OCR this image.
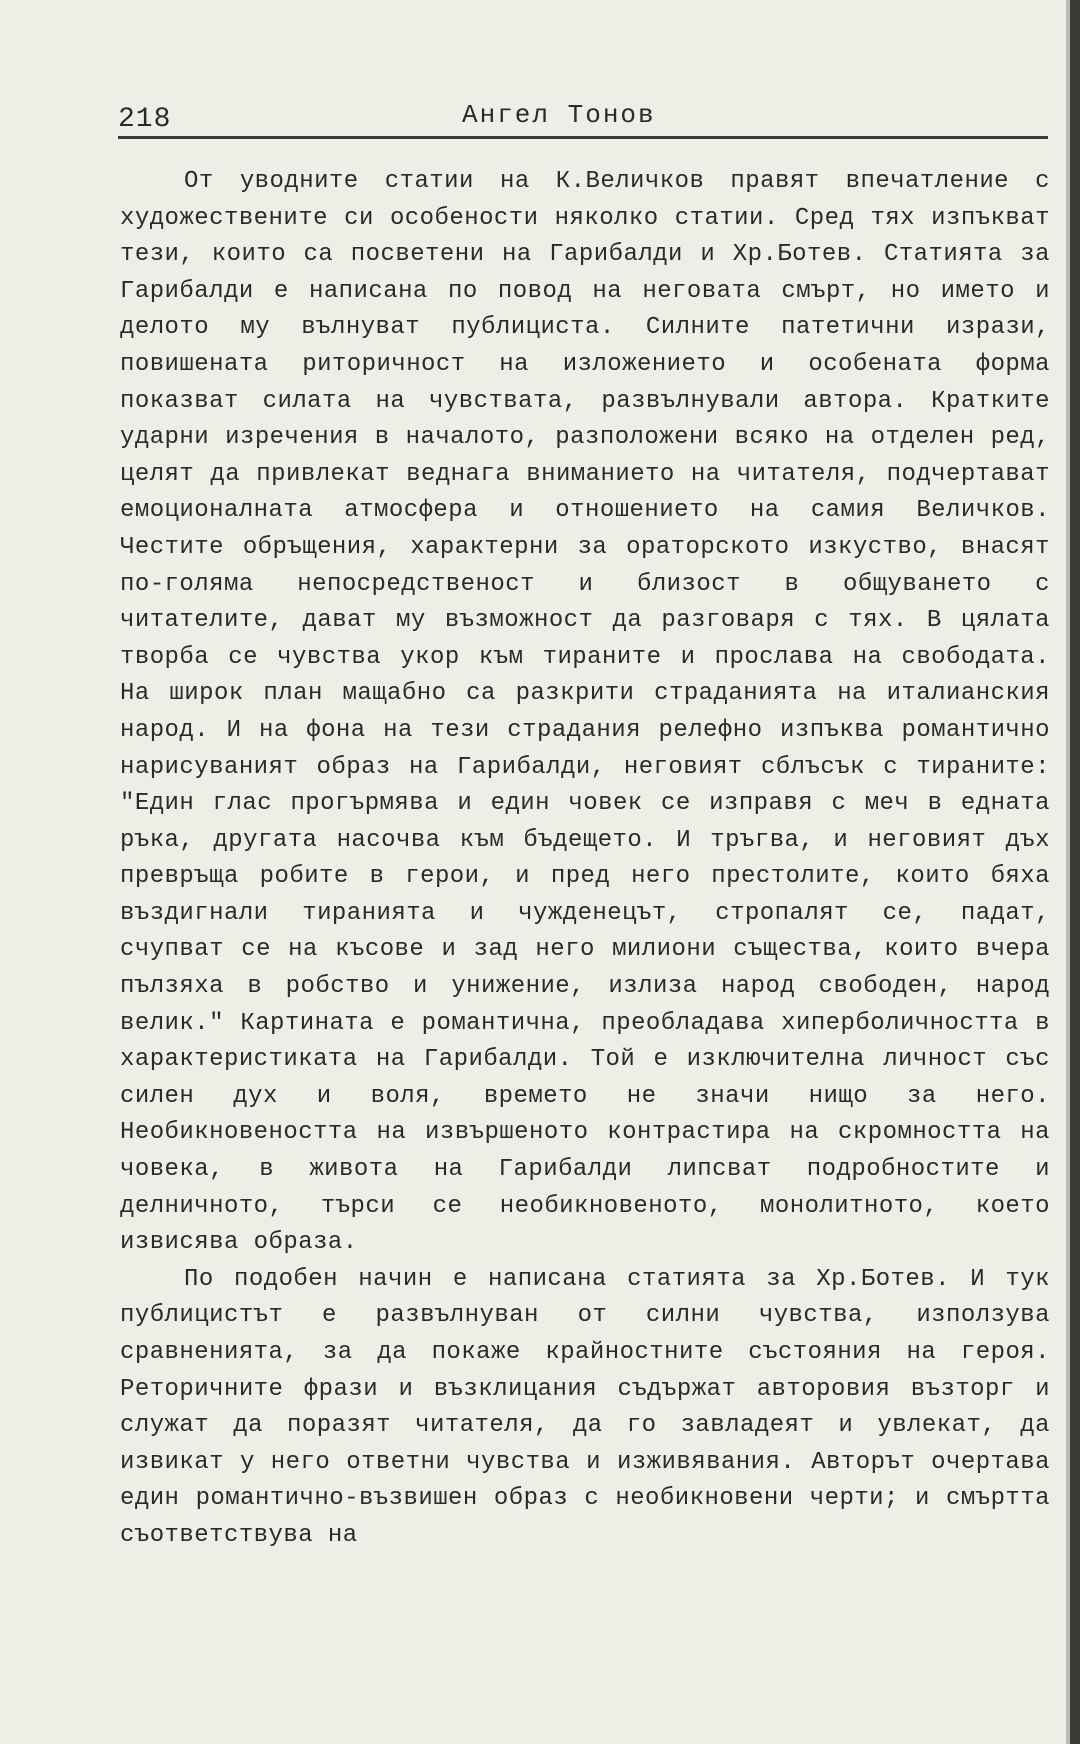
218	Ангел Тонов

От уводните статии на К.Величков правят впечатление с художествените си особености няколко статии. Сред тях изпъкват тези, които са посветени на Гарибалди и Хр.Ботев. Статията за Гарибалди е написана по повод на неговата смърт, но името и делото му вълнуват публициста. Силните патетични изрази, повишената риторичност на изложението и особената форма показват силата на чувствата, развълнували автора. Кратките ударни изречения в началото, разположени всяко на отделен ред, целят да привлекат веднага вниманието на читателя, подчертават емоционалната атмосфера и отношението на самия Величков. Честите обръщения, характерни за ораторското изкуство, внасят по-голяма непосредственост и близост в общуването с читателите, дават му възможност да разговаря с тях. В цялата творба се чувства укор към тираните и прослава на свободата. На широк план мащабно са разкрити страданията на италианския народ. И на фона на тези страдания релефно изпъква романтично нарисуваният образ на Гарибалди, неговият сблъсък с тираните: "Един глас прогърмява и един човек се изправя с меч в едната ръка, другата насочва към бъдещето. И тръгва, и неговият дъх превръща робите в герои, и пред него престолите, които бяха въздигнали тиранията и чужденецът, стропалят се, падат, счупват се на късове и зад него милиони същества, които вчера пълзяха в робство и унижение, излиза народ свободен, народ велик." Картината е романтична, преобладава хиперболичността в характеристиката на Гарибалди. Той е изключителна личност със силен дух и воля, времето не значи нищо за него. Необикновеността на извършеното контрастира на скромността на човека, в живота на Гарибалди липсват подробностите и делничното, търси се необикновеното, монолитното, което извисява образа.

По подобен начин е написана статията за Хр.Ботев. И тук публицистът е развълнуван от силни чувства, използува сравненията, за да покаже крайностните състояния на героя. Реторичните фрази и възклицания съдържат авторовия възторг и служат да поразят читателя, да го завладеят и увлекат, да извикат у него ответни чувства и изживявания. Авторът очертава един романтично-възвишен образ с необикновени черти; и смъртта съответствува на
